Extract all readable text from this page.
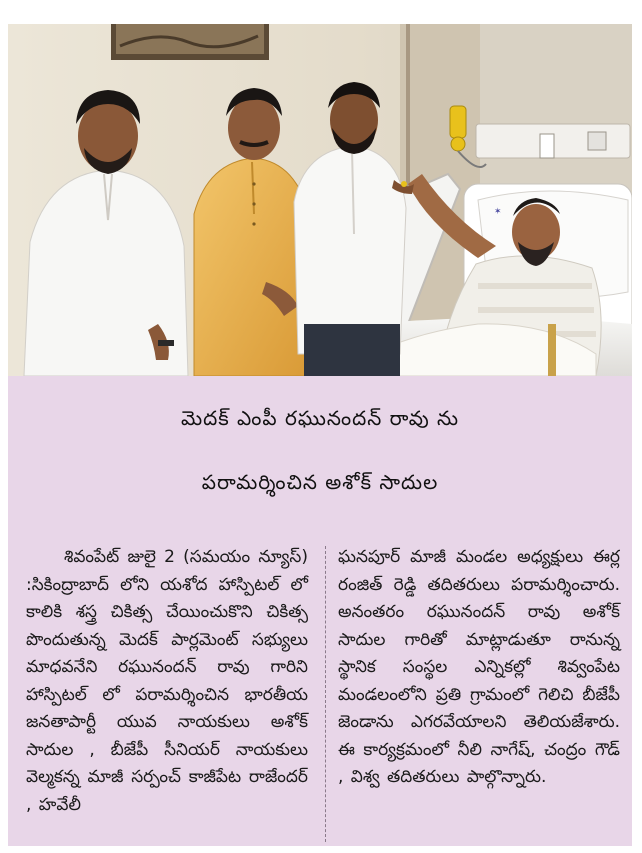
✶
మెదక్ ఎంపీ రఘునందన్ రావు ను
పరామర్శించిన అశోక్ సాదుల
శివంపేట్ జులై 2 (సమయం న్యూస్) :సికింద్రాబాద్ లోని యశోద హాస్పిటల్ లో కాలికి శస్త్ర చికిత్స చేయించుకొని చికిత్స పొందుతున్న మెదక్ పార్లమెంట్ సభ్యులు మాధవనేని రఘునందన్ రావు గారిని హాస్పిటల్ లో పరామర్శించిన భారతీయ జనతాపార్టీ యువ నాయకులు అశోక్ సాదుల , బీజేపీ సీనియర్ నాయకులు వెల్మకన్న మాజీ సర్పంచ్ కాజీపేట రాజేందర్ , హవేలీ
ఘనపూర్ మాజీ మండల అధ్యక్షులు ఈర్ల రంజిత్ రెడ్డి తదితరులు పరామర్శించారు. అనంతరం రఘునందన్ రావు అశోక్ సాదుల గారితో మాట్లాడుతూ రానున్న స్థానిక సంస్థల ఎన్నికల్లో శివ్వంపేట మండలంలోని ప్రతి గ్రామంలో గెలిచి బీజేపీ జెండాను ఎగరవేయాలని తెలియజేశారు. ఈ కార్యక్రమంలో నీలి నాగేష్, చంద్రం గౌడ్ , విశ్వ తదితరులు పాల్గొన్నారు.
